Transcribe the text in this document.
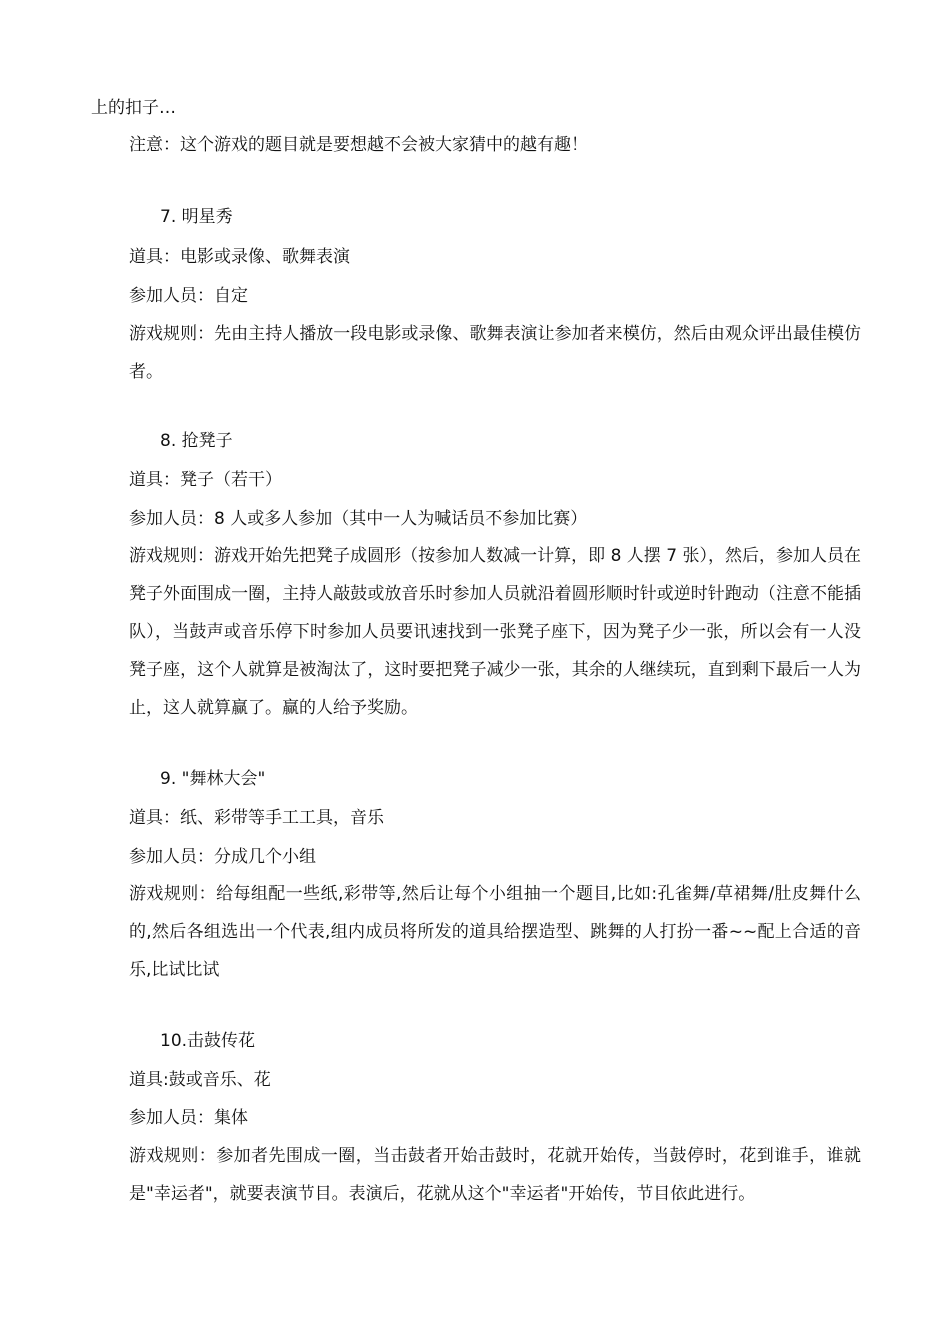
上的扣子…
注意：这个游戏的题目就是要想越不会被大家猜中的越有趣！
7. 明星秀
道具：电影或录像、歌舞表演
参加人员：自定
游戏规则：先由主持人播放一段电影或录像、歌舞表演让参加者来模仿，然后由观众评出最佳模仿者。
8. 抢凳子
道具：凳子（若干）
参加人员：8 人或多人参加（其中一人为喊话员不参加比赛）
游戏规则：游戏开始先把凳子成圆形（按参加人数减一计算，即 8 人摆 7 张），然后，参加人员在凳子外面围成一圈，主持人敲鼓或放音乐时参加人员就沿着圆形顺时针或逆时针跑动（注意不能插队），当鼓声或音乐停下时参加人员要讯速找到一张凳子座下，因为凳子少一张，所以会有一人没凳子座，这个人就算是被淘汰了，这时要把凳子减少一张，其余的人继续玩，直到剩下最后一人为止，这人就算赢了。赢的人给予奖励。
9. "舞林大会"
道具：纸、彩带等手工工具，音乐
参加人员：分成几个小组
游戏规则：给每组配一些纸,彩带等,然后让每个小组抽一个题目,比如:孔雀舞/草裙舞/肚皮舞什么的,然后各组选出一个代表,组内成员将所发的道具给摆造型、跳舞的人打扮一番~~配上合适的音乐,比试比试
10.击鼓传花
道具:鼓或音乐、花
参加人员：集体
游戏规则：参加者先围成一圈，当击鼓者开始击鼓时，花就开始传，当鼓停时，花到谁手，谁就是"幸运者"，就要表演节目。表演后，花就从这个"幸运者"开始传，节目依此进行。
